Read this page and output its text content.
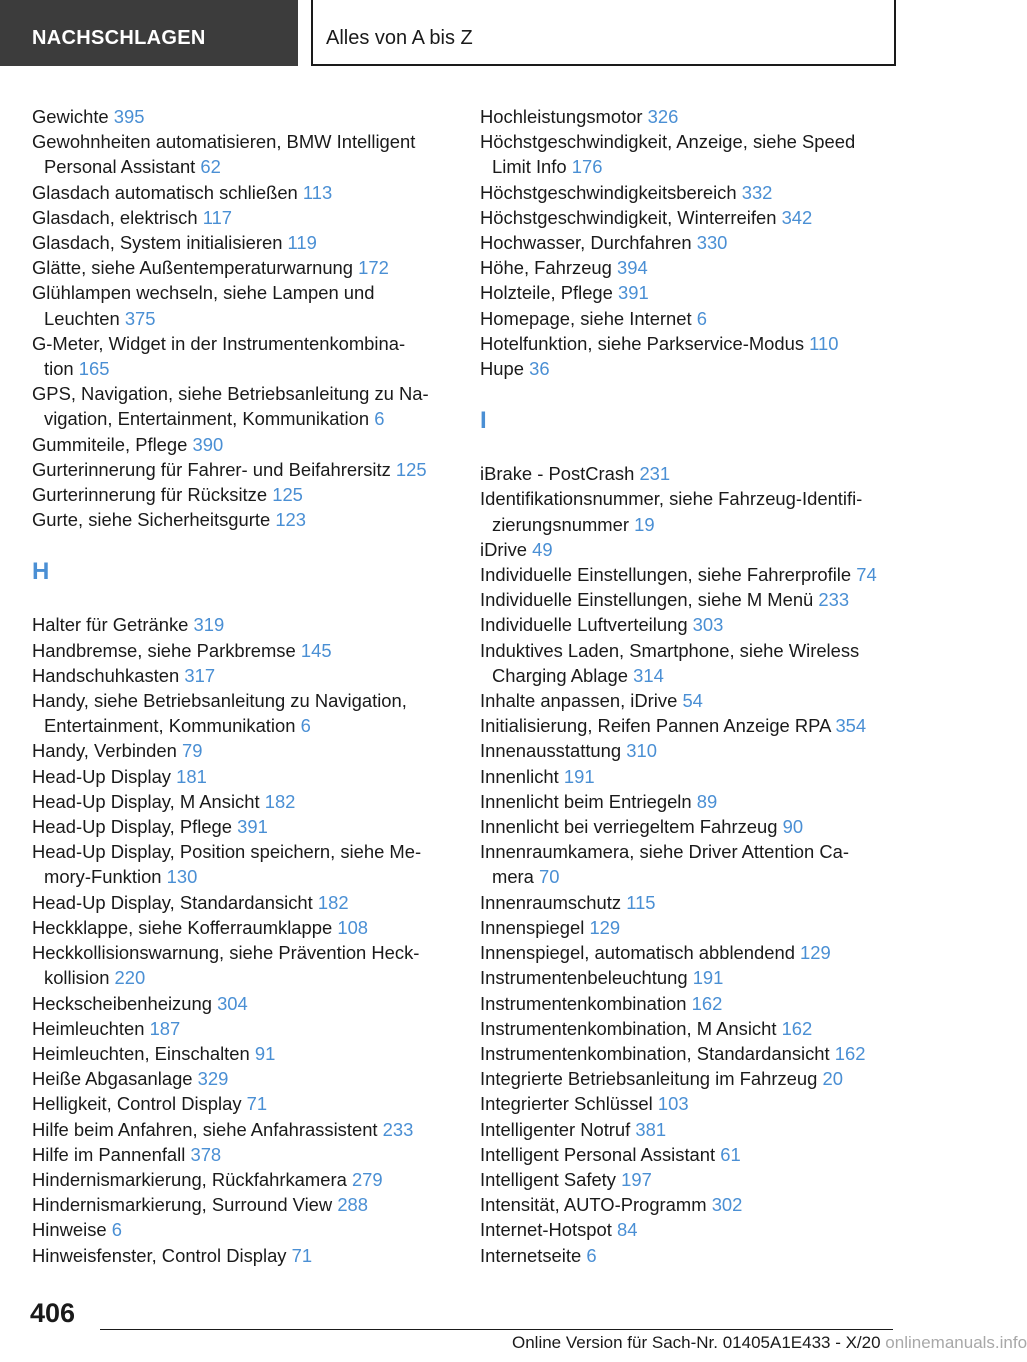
NACHSCHLAGEN	Alles von A bis Z
Gewichte 395
Gewohnheiten automatisieren, BMW Intelligent
Personal Assistant 62
Glasdach automatisch schließen 113
Glasdach, elektrisch 117
Glasdach, System initialisieren 119
Glätte, siehe Außentemperaturwarnung 172
Glühlampen wechseln, siehe Lampen und
Leuchten 375
G-Meter, Widget in der Instrumentenkombina‐
tion 165
GPS, Navigation, siehe Betriebsanleitung zu Na‐
vigation, Entertainment, Kommunikation 6
Gummiteile, Pflege 390
Gurterinnerung für Fahrer- und Beifahrersitz 125
Gurterinnerung für Rücksitze 125
Gurte, siehe Sicherheitsgurte 123
H
Halter für Getränke 319
Handbremse, siehe Parkbremse 145
Handschuhkasten 317
Handy, siehe Betriebsanleitung zu Navigation,
Entertainment, Kommunikation 6
Handy, Verbinden 79
Head-Up Display 181
Head-Up Display, M Ansicht 182
Head-Up Display, Pflege 391
Head-Up Display, Position speichern, siehe Me‐
mory-Funktion 130
Head-Up Display, Standardansicht 182
Heckklappe, siehe Kofferraumklappe 108
Heckkollisionswarnung, siehe Prävention Heck‐
kollision 220
Heckscheibenheizung 304
Heimleuchten 187
Heimleuchten, Einschalten 91
Heiße Abgasanlage 329
Helligkeit, Control Display 71
Hilfe beim Anfahren, siehe Anfahrassistent 233
Hilfe im Pannenfall 378
Hindernismarkierung, Rückfahrkamera 279
Hindernismarkierung, Surround View 288
Hinweise 6
Hinweisfenster, Control Display 71
Hochleistungsmotor 326
Höchstgeschwindigkeit, Anzeige, siehe Speed
Limit Info 176
Höchstgeschwindigkeitsbereich 332
Höchstgeschwindigkeit, Winterreifen 342
Hochwasser, Durchfahren 330
Höhe, Fahrzeug 394
Holzteile, Pflege 391
Homepage, siehe Internet 6
Hotelfunktion, siehe Parkservice-Modus 110
Hupe 36
I
iBrake - PostCrash 231
Identifikationsnummer, siehe Fahrzeug-Identifi‐
zierungsnummer 19
iDrive 49
Individuelle Einstellungen, siehe Fahrerprofile 74
Individuelle Einstellungen, siehe M Menü 233
Individuelle Luftverteilung 303
Induktives Laden, Smartphone, siehe Wireless
Charging Ablage 314
Inhalte anpassen, iDrive 54
Initialisierung, Reifen Pannen Anzeige RPA 354
Innenausstattung 310
Innenlicht 191
Innenlicht beim Entriegeln 89
Innenlicht bei verriegeltem Fahrzeug 90
Innenraumkamera, siehe Driver Attention Ca‐
mera 70
Innenraumschutz 115
Innenspiegel 129
Innenspiegel, automatisch abblendend 129
Instrumentenbeleuchtung 191
Instrumentenkombination 162
Instrumentenkombination, M Ansicht 162
Instrumentenkombination, Standardansicht 162
Integrierte Betriebsanleitung im Fahrzeug 20
Integrierter Schlüssel 103
Intelligenter Notruf 381
Intelligent Personal Assistant 61
Intelligent Safety 197
Intensität, AUTO-Programm 302
Internet-Hotspot 84
Internetseite 6
406
Online Version für Sach-Nr. 01405A1E433 - X/20 onlinemanuals.info
